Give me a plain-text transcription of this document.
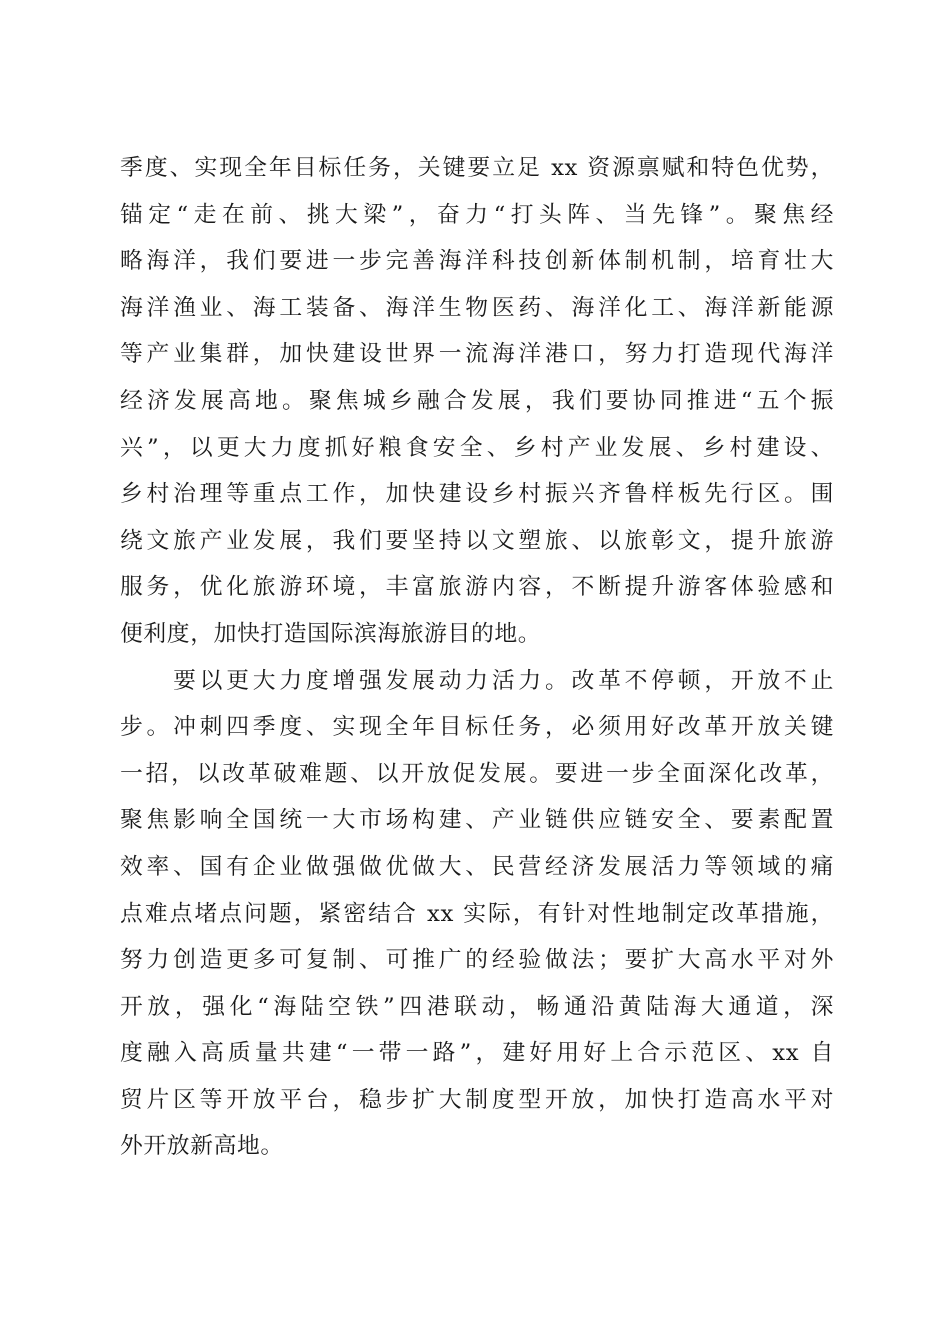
季度、实现全年目标任务，关键要立足 xx 资源禀赋和特色优势，
锚定“走在前、挑大梁”，奋力“打头阵、当先锋”。聚焦经
略海洋，我们要进一步完善海洋科技创新体制机制，培育壮大
海洋渔业、海工装备、海洋生物医药、海洋化工、海洋新能源
等产业集群，加快建设世界一流海洋港口，努力打造现代海洋
经济发展高地。聚焦城乡融合发展，我们要协同推进“五个振
兴”，以更大力度抓好粮食安全、乡村产业发展、乡村建设、
乡村治理等重点工作，加快建设乡村振兴齐鲁样板先行区。围
绕文旅产业发展，我们要坚持以文塑旅、以旅彰文，提升旅游
服务，优化旅游环境，丰富旅游内容，不断提升游客体验感和
便利度，加快打造国际滨海旅游目的地。
　　要以更大力度增强发展动力活力。改革不停顿，开放不止
步。冲刺四季度、实现全年目标任务，必须用好改革开放关键
一招，以改革破难题、以开放促发展。要进一步全面深化改革，
聚焦影响全国统一大市场构建、产业链供应链安全、要素配置
效率、国有企业做强做优做大、民营经济发展活力等领域的痛
点难点堵点问题，紧密结合 xx 实际，有针对性地制定改革措施，
努力创造更多可复制、可推广的经验做法；要扩大高水平对外
开放，强化“海陆空铁”四港联动，畅通沿黄陆海大通道，深
度融入高质量共建“一带一路”，建好用好上合示范区、xx 自
贸片区等开放平台，稳步扩大制度型开放，加快打造高水平对
外开放新高地。
